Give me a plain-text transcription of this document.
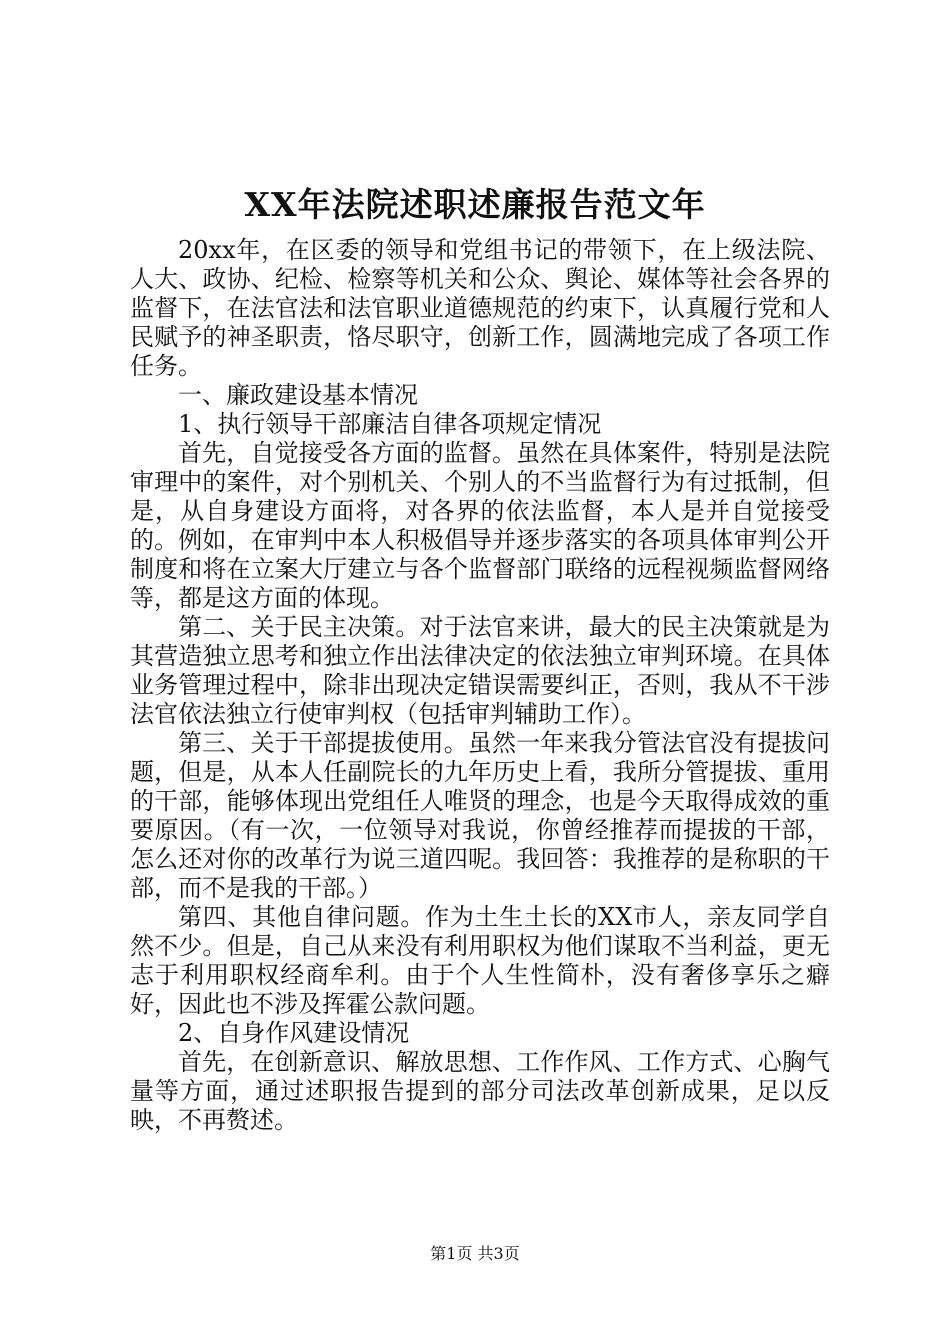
XX年法院述职述廉报告范文年

20xx年，在区委的领导和党组书记的带领下，在上级法院、人大、政协、纪检、检察等机关和公众、舆论、媒体等社会各界的监督下，在法官法和法官职业道德规范的约束下，认真履行党和人民赋予的神圣职责，恪尽职守，创新工作，圆满地完成了各项工作任务。

一、廉政建设基本情况

1、执行领导干部廉洁自律各项规定情况

首先，自觉接受各方面的监督。虽然在具体案件，特别是法院审理中的案件，对个别机关、个别人的不当监督行为有过抵制，但是，从自身建设方面将，对各界的依法监督，本人是并自觉接受的。例如，在审判中本人积极倡导并逐步落实的各项具体审判公开制度和将在立案大厅建立与各个监督部门联络的远程视频监督网络等，都是这方面的体现。

第二、关于民主决策。对于法官来讲，最大的民主决策就是为其营造独立思考和独立作出法律决定的依法独立审判环境。在具体业务管理过程中，除非出现决定错误需要纠正，否则，我从不干涉法官依法独立行使审判权（包括审判辅助工作）。

第三、关于干部提拔使用。虽然一年来我分管法官没有提拔问题，但是，从本人任副院长的九年历史上看，我所分管提拔、重用的干部，能够体现出党组任人唯贤的理念，也是今天取得成效的重要原因。（有一次，一位领导对我说，你曾经推荐而提拔的干部，怎么还对你的改革行为说三道四呢。我回答：我推荐的是称职的干部，而不是我的干部。）

第四、其他自律问题。作为土生土长的XX市人，亲友同学自然不少。但是，自己从来没有利用职权为他们谋取不当利益，更无志于利用职权经商牟利。由于个人生性简朴，没有奢侈享乐之癖好，因此也不涉及挥霍公款问题。

2、自身作风建设情况

首先，在创新意识、解放思想、工作作风、工作方式、心胸气量等方面，通过述职报告提到的部分司法改革创新成果，足以反映，不再赘述。

第1页 共3页
